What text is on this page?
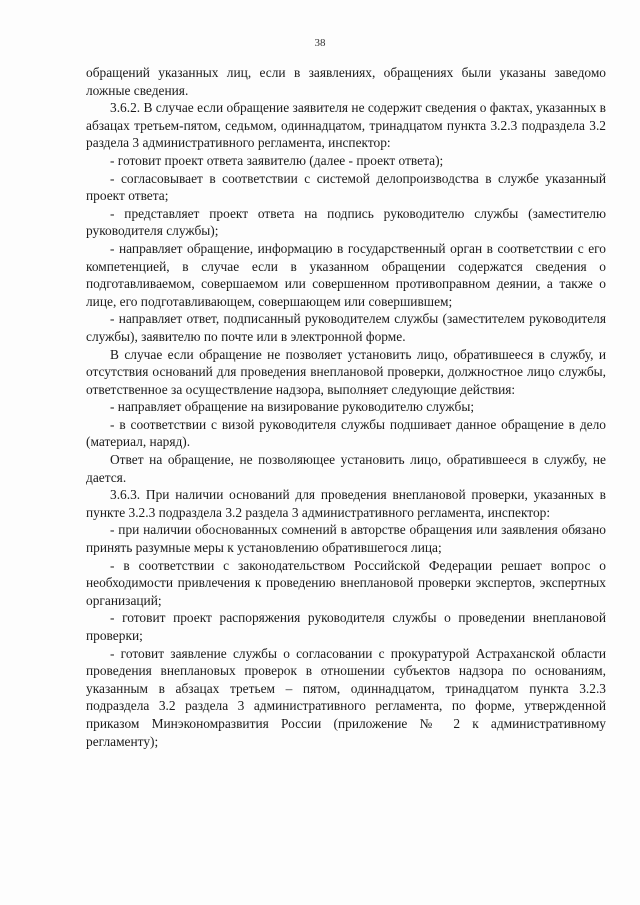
38

обращений указанных лиц, если в заявлениях, обращениях были указаны заведомо ложные сведения.

3.6.2. В случае если обращение заявителя не содержит сведения о фактах, указанных в абзацах третьем-пятом, седьмом, одиннадцатом, тринадцатом пункта 3.2.3 подраздела 3.2 раздела 3 административного регламента, инспектор:

- готовит проект ответа заявителю (далее - проект ответа);

- согласовывает в соответствии с системой делопроизводства в службе указанный проект ответа;

- представляет проект ответа на подпись руководителю службы (заместителю руководителя службы);

- направляет обращение, информацию в государственный орган в соответствии с его компетенцией, в случае если в указанном обращении содержатся сведения о подготавливаемом, совершаемом или совершенном противоправном деянии, а также о лице, его подготавливающем, совершающем или совершившем;

- направляет ответ, подписанный руководителем службы (заместителем руководителя службы), заявителю по почте или в электронной форме.

В случае если обращение не позволяет установить лицо, обратившееся в службу, и отсутствия оснований для проведения внеплановой проверки, должностное лицо службы, ответственное за осуществление надзора, выполняет следующие действия:

- направляет обращение на визирование руководителю службы;

- в соответствии с визой руководителя службы подшивает данное обращение в дело (материал, наряд).

Ответ на обращение, не позволяющее установить лицо, обратившееся в службу, не дается.

3.6.3. При наличии оснований для проведения внеплановой проверки, указанных в пункте 3.2.3 подраздела 3.2 раздела 3 административного регламента, инспектор:

- при наличии обоснованных сомнений в авторстве обращения или заявления обязано принять разумные меры к установлению обратившегося лица;

- в соответствии с законодательством Российской Федерации решает вопрос о необходимости привлечения к проведению внеплановой проверки экспертов, экспертных организаций;

- готовит проект распоряжения руководителя службы о проведении внеплановой проверки;

- готовит заявление службы о согласовании с прокуратурой Астраханской области проведения внеплановых проверок в отношении субъектов надзора по основаниям, указанным в абзацах третьем – пятом, одиннадцатом, тринадцатом пункта 3.2.3 подраздела 3.2 раздела 3 административного регламента, по форме, утвержденной приказом Минэкономразвития России (приложение № 2 к административному регламенту);
